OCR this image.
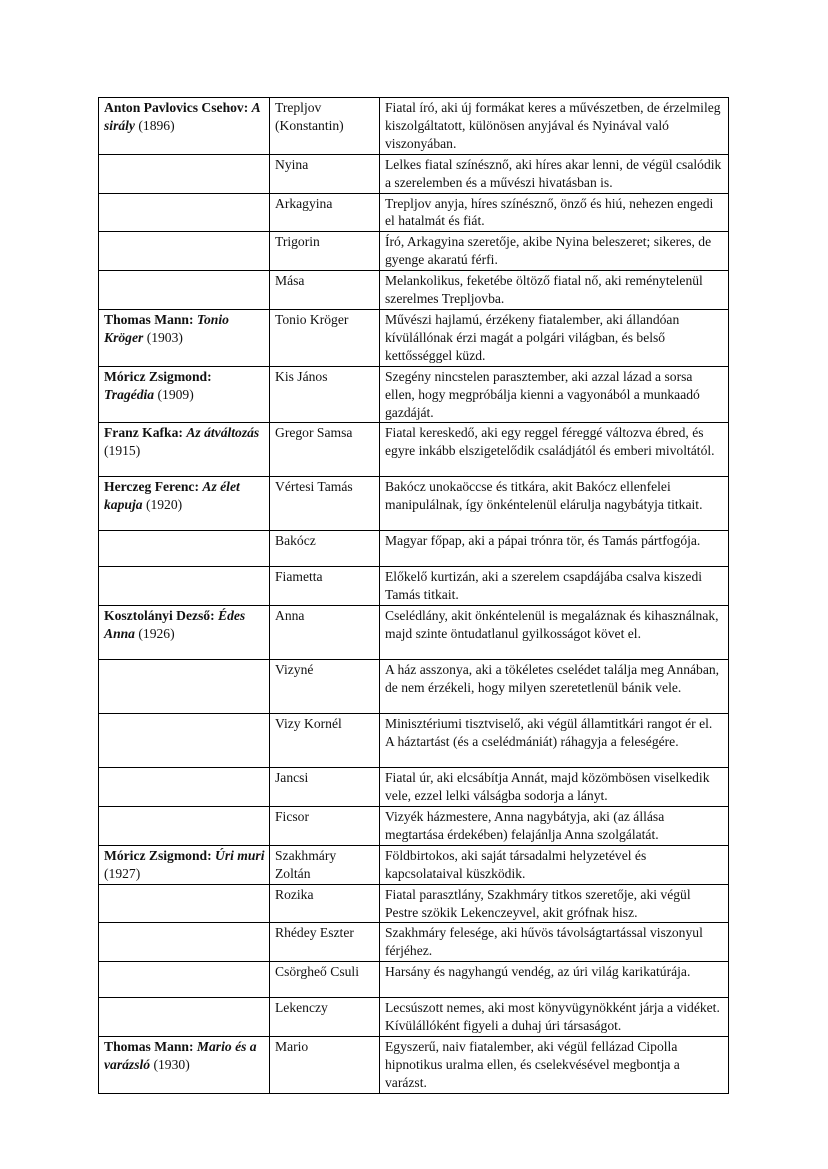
Anton Pavlovics Csehov: A sirály (1896)	Trepljov (Konstantin)	Fiatal író, aki új formákat keres a művészetben, de érzelmileg kiszolgáltatott, különösen anyjával és Nyinával való viszonyában.
	Nyina	Lelkes fiatal színésznő, aki híres akar lenni, de végül csalódik a szerelemben és a művészi hivatásban is.
	Arkagyina	Trepljov anyja, híres színésznő, önző és hiú, nehezen engedi el hatalmát és fiát.
	Trigorin	Író, Arkagyina szeretője, akibe Nyina beleszeret; sikeres, de gyenge akaratú férfi.
	Mása	Melankolikus, feketébe öltöző fiatal nő, aki reménytelenül szerelmes Trepljovba.
Thomas Mann: Tonio Kröger (1903)	Tonio Kröger	Művészi hajlamú, érzékeny fiatalember, aki állandóan kívülállónak érzi magát a polgári világban, és belső kettősséggel küzd.
Móricz Zsigmond: Tragédia (1909)	Kis János	Szegény nincstelen parasztember, aki azzal lázad a sorsa ellen, hogy megpróbálja kienni a vagyonából a munkaadó gazdáját.
Franz Kafka: Az átváltozás (1915)	Gregor Samsa	Fiatal kereskedő, aki egy reggel féreggé változva ébred, és egyre inkább elszigetelődik családjától és emberi mivoltától.
Herczeg Ferenc: Az élet kapuja (1920)	Vértesi Tamás	Bakócz unokaöccse és titkára, akit Bakócz ellenfelei manipulálnak, így önkéntelenül elárulja nagybátyja titkait.
	Bakócz	Magyar főpap, aki a pápai trónra tör, és Tamás pártfogója.
	Fiametta	Előkelő kurtizán, aki a szerelem csapdájába csalva kiszedi Tamás titkait.
Kosztolányi Dezső: Édes Anna (1926)	Anna	Cselédlány, akit önkéntelenül is megaláznak és kihasználnak, majd szinte öntudatlanul gyilkosságot követ el.
	Vizyné	A ház asszonya, aki a tökéletes cselédet találja meg Annában, de nem érzékeli, hogy milyen szeretetlenül bánik vele.
	Vizy Kornél	Minisztériumi tisztviselő, aki végül államtitkári rangot ér el. A háztartást (és a cselédmániát) ráhagyja a feleségére.
	Jancsi	Fiatal úr, aki elcsábítja Annát, majd közömbösen viselkedik vele, ezzel lelki válságba sodorja a lányt.
	Ficsor	Vizyék házmestere, Anna nagybátyja, aki (az állása megtartása érdekében) felajánlja Anna szolgálatát.
Móricz Zsigmond: Úri muri (1927)	Szakhmáry Zoltán	Földbirtokos, aki saját társadalmi helyzetével és kapcsolataival küszködik.
	Rozika	Fiatal parasztlány, Szakhmáry titkos szeretője, aki végül Pestre szökik Lekenczeyvel, akit grófnak hisz.
	Rhédey Eszter	Szakhmáry felesége, aki hűvös távolságtartással viszonyul férjéhez.
	Csörgheő Csuli	Harsány és nagyhangú vendég, az úri világ karikatúrája.
	Lekenczy	Lecsúszott nemes, aki most könyvügynökként járja a vidéket. Kívülállóként figyeli a duhaj úri társaságot.
Thomas Mann: Mario és a varázsló (1930)	Mario	Egyszerű, naiv fiatalember, aki végül fellázad Cipolla hipnotikus uralma ellen, és cselekvésével megbontja a varázst.
